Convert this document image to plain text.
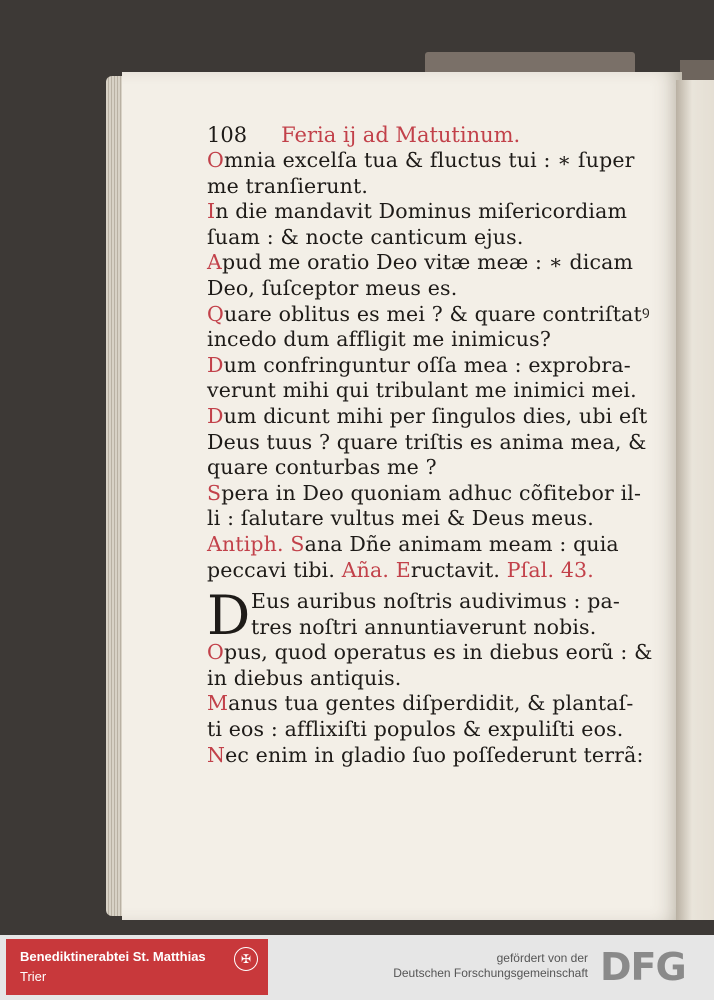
108 Feria ij ad Matutinum.
Omnia excelſa tua & fluctus tui : ∗ ſuper
me tranſierunt.
In die mandavit Dominus miſericordiam
ſuam : & nocte canticum ejus.
Apud me oratio Deo vitæ meæ : ∗ dicam
Deo, ſuſceptor meus es.
Quare oblitus es mei ? & quare contriſtatꝰ
incedo dum affligit me inimicus?
Dum confringuntur oſſa mea : exprobra-
verunt mihi qui tribulant me inimici mei.
Dum dicunt mihi per ſingulos dies, ubi eſt
Deus tuus ? quare triſtis es anima mea, &
quare conturbas me ?
Spera in Deo quoniam adhuc cõfitebor il-
li : ſalutare vultus mei & Deus meus.
Antiph. Sana Dñe animam meam : quia
peccavi tibi. Aña. Eructavit. Pſal. 43.
D Eus auribus noſtris audivimus : pa-
tres noſtri annuntiaverunt nobis.
Opus, quod operatus es in diebus eorũ : &
in diebus antiquis.
Manus tua gentes diſperdidit, & plantaſ-
ti eos : afflixiſti populos & expuliſti eos.
Nec enim in gladio ſuo poſſederunt terrã:
Benediktinerabtei St. Matthias
Trier
✠	gefördert von der
Deutschen Forschungsgemeinschaft DFG
